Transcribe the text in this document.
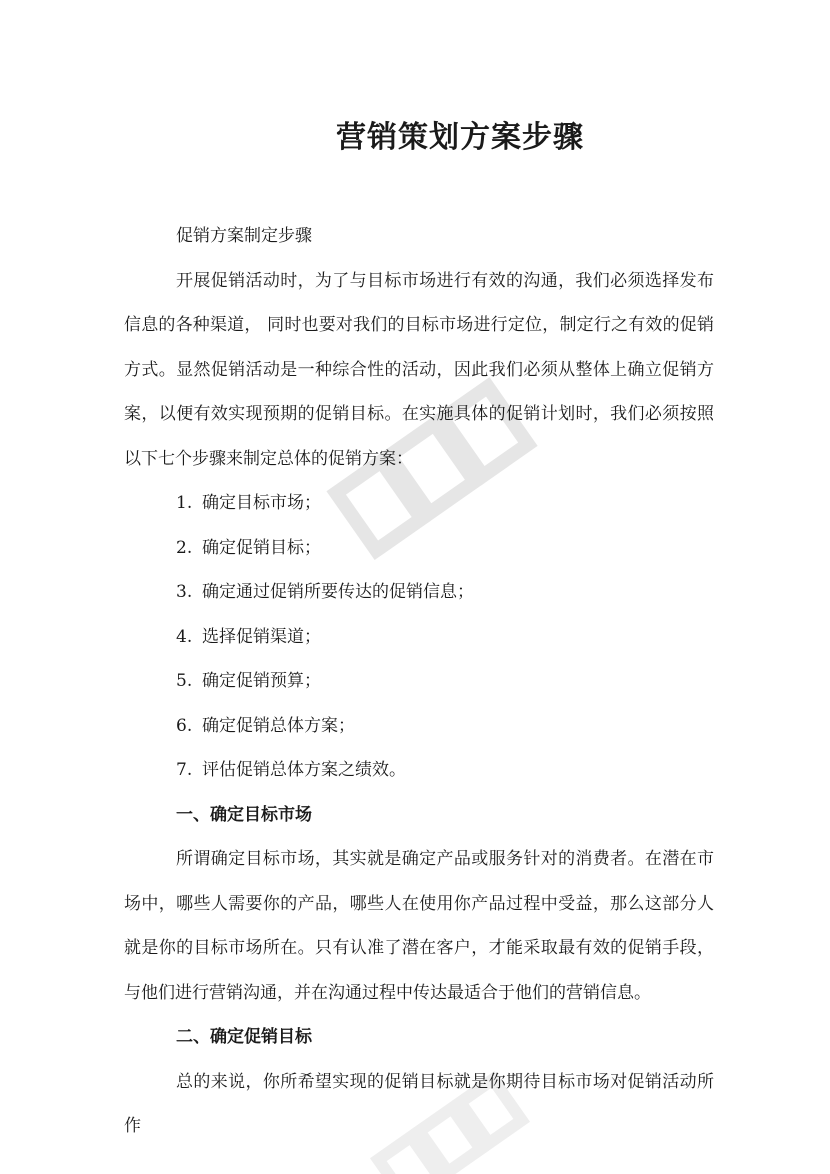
营销策划方案步骤

促销方案制定步骤

开展促销活动时，为了与目标市场进行有效的沟通，我们必须选择发布信息的各种渠道， 同时也要对我们的目标市场进行定位，制定行之有效的促销方式。显然促销活动是一种综合性的活动，因此我们必须从整体上确立促销方案，以便有效实现预期的促销目标。在实施具体的促销计划时，我们必须按照以下七个步骤来制定总体的促销方案：

1. 确定目标市场；

2. 确定促销目标；

3. 确定通过促销所要传达的促销信息；

4. 选择促销渠道；

5. 确定促销预算；

6. 确定促销总体方案；

7. 评估促销总体方案之绩效。

一、确定目标市场

所谓确定目标市场，其实就是确定产品或服务针对的消费者。在潜在市场中，哪些人需要你的产品，哪些人在使用你产品过程中受益，那么这部分人就是你的目标市场所在。只有认准了潜在客户，才能采取最有效的促销手段，与他们进行营销沟通，并在沟通过程中传达最适合于他们的营销信息。

二、确定促销目标

总的来说，你所希望实现的促销目标就是你期待目标市场对促销活动所作
